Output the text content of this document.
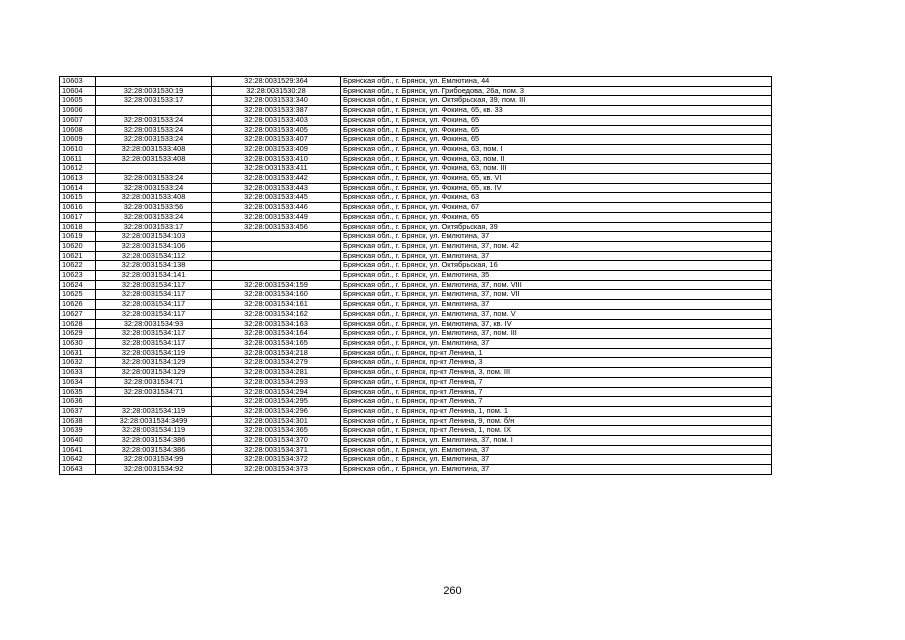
10603		32:28:0031529:364	Брянская обл., г. Брянск, ул. Емлютина, 44
10604	32:28:0031530:19	32:28:0031530:28	Брянская обл., г. Брянск, ул. Грибоедова, 26а, пом. 3
10605	32:28:0031533:17	32:28:0031533:340	Брянская обл., г. Брянск, ул. Октябрьская, 39, пом. III
10606		32:28:0031533:387	Брянская обл., г. Брянск, ул. Фокина, 65, кв. 33
10607	32:28:0031533:24	32:28:0031533:403	Брянская обл., г. Брянск, ул. Фокина, 65
10608	32:28:0031533:24	32:28:0031533:405	Брянская обл., г. Брянск, ул. Фокина, 65
10609	32:28:0031533:24	32:28:0031533:407	Брянская обл., г. Брянск, ул. Фокина, 65
10610	32:28:0031533:408	32:28:0031533:409	Брянская обл., г. Брянск, ул. Фокина, 63, пом. I
10611	32:28:0031533:408	32:28:0031533:410	Брянская обл., г. Брянск, ул. Фокина, 63, пом. II
10612		32:28:0031533:411	Брянская обл., г. Брянск, ул. Фокина, 63, пом. III
10613	32:28:0031533:24	32:28:0031533:442	Брянская обл., г. Брянск, ул. Фокина, 65, кв. VI
10614	32:28:0031533:24	32:28:0031533:443	Брянская обл., г. Брянск, ул. Фокина, 65, кв. IV
10615	32:28:0031533:408	32:28:0031533:445	Брянская обл., г. Брянск, ул. Фокина, 63
10616	32:28:0031533:56	32:28:0031533:446	Брянская обл., г. Брянск, ул. Фокина, 67
10617	32:28:0031533:24	32:28:0031533:449	Брянская обл., г. Брянск, ул. Фокина, 65
10618	32:28:0031533:17	32:28:0031533:456	Брянская обл., г. Брянск, ул. Октябрьская, 39
10619	32:28:0031534:103		Брянская обл., г. Брянск, ул. Емлютина, 37
10620	32:28:0031534:106		Брянская обл., г. Брянск, ул. Емлютина, 37, пом. 42
10621	32:28:0031534:112		Брянская обл., г. Брянск, ул. Емлютина, 37
10622	32:28:0031534:138		Брянская обл., г. Брянск, ул. Октябрьская, 16
10623	32:28:0031534:141		Брянская обл., г. Брянск, ул. Емлютина, 35
10624	32:28:0031534:117	32:28:0031534:159	Брянская обл., г. Брянск, ул. Емлютина, 37, пом. VIII
10625	32:28:0031534:117	32:28:0031534:160	Брянская обл., г. Брянск, ул. Емлютина, 37, пом. VII
10626	32:28:0031534:117	32:28:0031534:161	Брянская обл., г. Брянск, ул. Емлютина, 37
10627	32:28:0031534:117	32:28:0031534:162	Брянская обл., г. Брянск, ул. Емлютина, 37, пом. V
10628	32:28:0031534:93	32:28:0031534:163	Брянская обл., г. Брянск, ул. Емлютина, 37, кв. IV
10629	32:28:0031534:117	32:28:0031534:164	Брянская обл., г. Брянск, ул. Емлютина, 37, пом. III
10630	32:28:0031534:117	32:28:0031534:165	Брянская обл., г. Брянск, ул. Емлютина, 37
10631	32:28:0031534:119	32:28:0031534:218	Брянская обл., г. Брянск, пр-кт Ленина, 1
10632	32:28:0031534:129	32:28:0031534:279	Брянская обл., г. Брянск, пр-кт Ленина, 3
10633	32:28:0031534:129	32:28:0031534:281	Брянская обл., г. Брянск, пр-кт Ленина, 3, пом. III
10634	32:28:0031534:71	32:28:0031534:293	Брянская обл., г. Брянск, пр-кт Ленина, 7
10635	32:28:0031534:71	32:28:0031534:294	Брянская обл., г. Брянск, пр-кт Ленина, 7
10636		32:28:0031534:295	Брянская обл., г. Брянск, пр-кт Ленина, 7
10637	32:28:0031534:119	32:28:0031534:296	Брянская обл., г. Брянск, пр-кт Ленина, 1, пом. 1
10638	32:28:0031534:3499	32:28:0031534:301	Брянская обл., г. Брянск, пр-кт Ленина, 9, пом. б/н
10639	32:28:0031534:119	32:28:0031534:365	Брянская обл., г. Брянск, пр-кт Ленина, 1, пом. IX
10640	32:28:0031534:386	32:28:0031534:370	Брянская обл., г. Брянск, ул. Емлютина, 37, пом. I
10641	32:28:0031534:386	32:28:0031534:371	Брянская обл., г. Брянск, ул. Емлютина, 37
10642	32:28:0031534:99	32:28:0031534:372	Брянская обл., г. Брянск, ул. Емлютина, 37
10643	32:28:0031534:92	32:28:0031534:373	Брянская обл., г. Брянск, ул. Емлютина, 37
260
